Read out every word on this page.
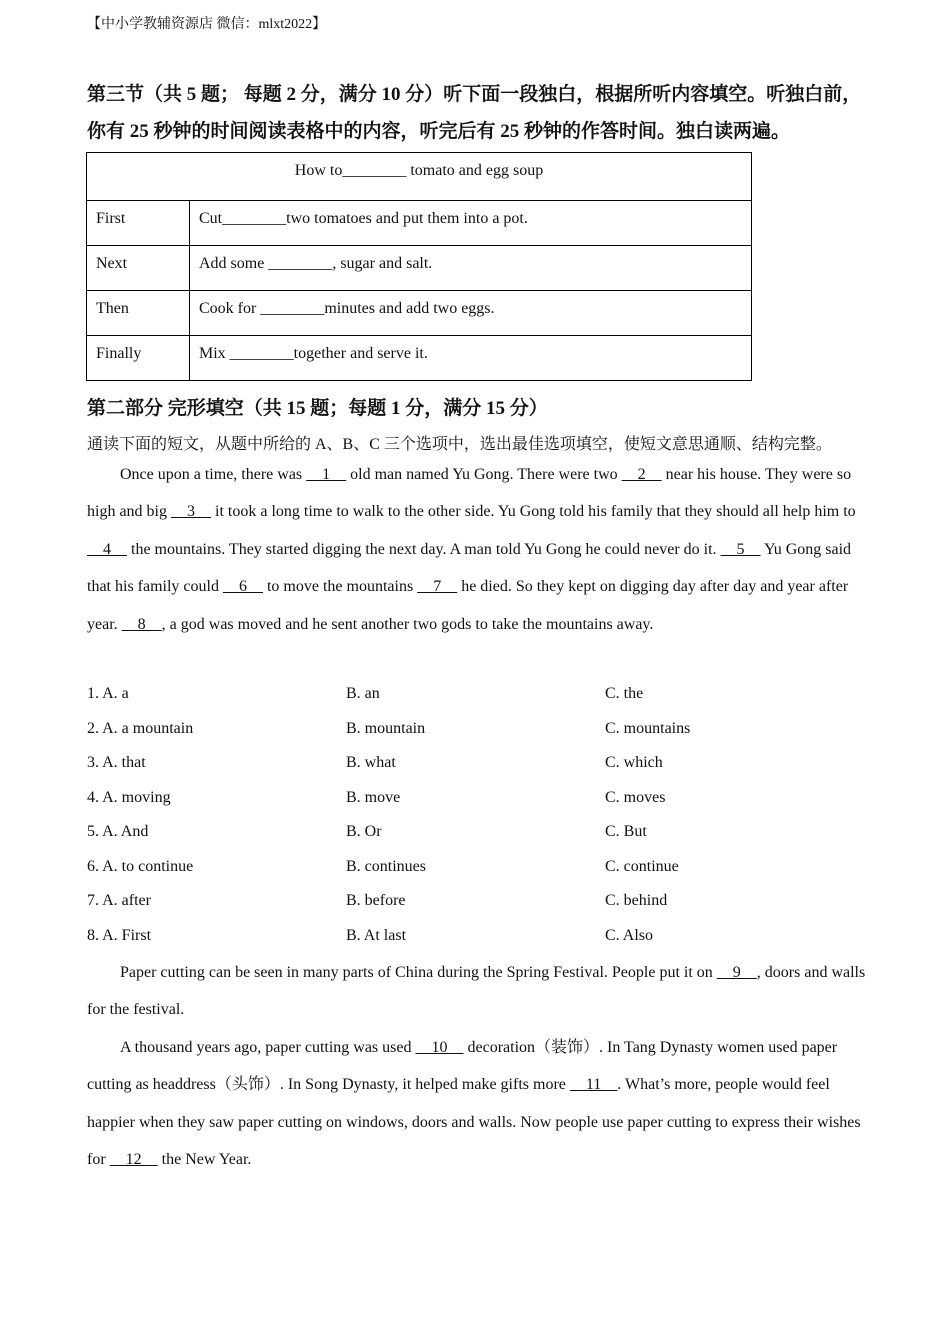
【中小学教辅资源店 微信：mlxt2022】
第三节（共 5 题； 每题 2 分，满分 10 分）听下面一段独白，根据所听内容填空。听独白前，你有 25 秒钟的时间阅读表格中的内容，听完后有 25 秒钟的作答时间。独白读两遍。
How to________ tomato and egg soup	
First	Cut________two tomatoes and put them into a pot.
Next	Add some ________, sugar and salt.
Then	Cook for ________minutes and add two eggs.
Finally	Mix ________together and serve it.
第二部分 完形填空（共 15 题；每题 1 分，满分 15 分）
通读下面的短文，从题中所给的 A、B、C 三个选项中，选出最佳选项填空，使短文意思通顺、结构完整。

Once upon a time, there was     1     old man named Yu Gong. There were two     2     near his house. They were so high and big     3     it took a long time to walk to the other side. Yu Gong told his family that they should all help him to     4     the mountains. They started digging the next day. A man told Yu Gong he could never do it.     5     Yu Gong said that his family could     6     to move the mountains     7     he died. So they kept on digging day after day and year after year.     8    , a god was moved and he sent another two gods to take the mountains away.

1. A. a	B. an	C. the
2. A. a mountain	B. mountain	C. mountains
3. A. that	B. what	C. which
4. A. moving	B. move	C. moves
5. A. And	B. Or	C. But
6. A. to continue	B. continues	C. continue
7. A. after	B. before	C. behind
8. A. First	B. At last	C. Also

Paper cutting can be seen in many parts of China during the Spring Festival. People put it on     9    , doors and walls for the festival.

A thousand years ago, paper cutting was used     10     decoration（装饰）. In Tang Dynasty women used paper cutting as headdress（头饰）. In Song Dynasty, it helped make gifts more     11    . What’s more, people would feel happier when they saw paper cutting on windows, doors and walls. Now people use paper cutting to express their wishes for     12     the New Year.
